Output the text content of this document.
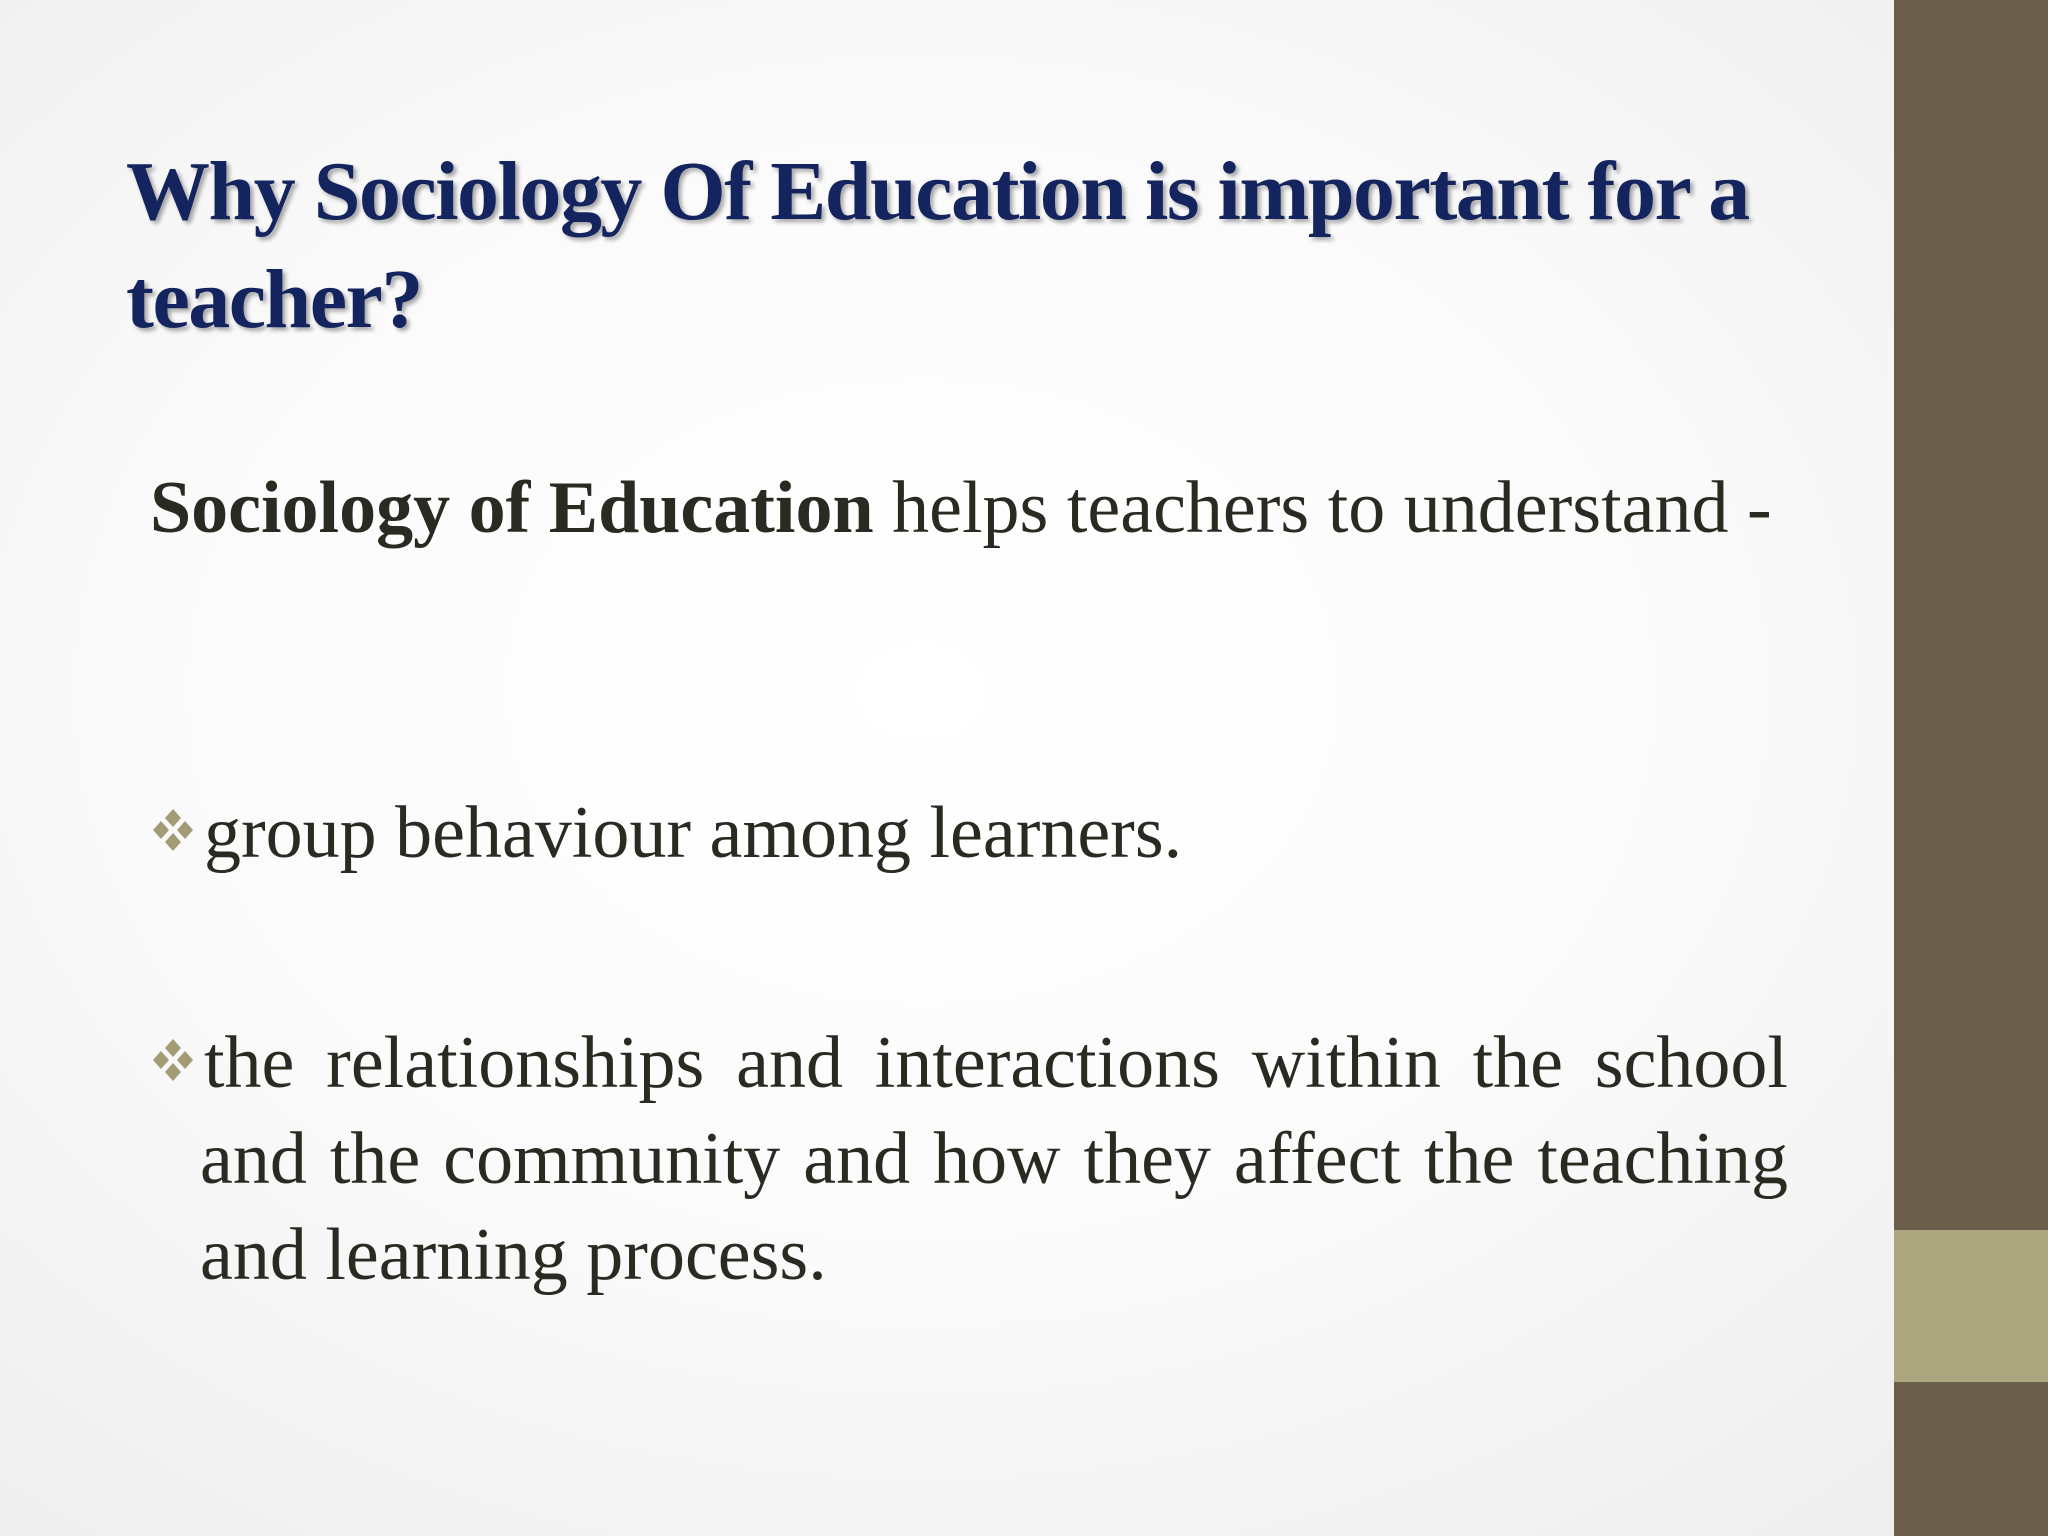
Why Sociology Of Education is important for a teacher?

Sociology of Education helps teachers to understand -

group behaviour among learners.
the relationships and interactions within the school and the community and how they affect the teaching and learning process.
